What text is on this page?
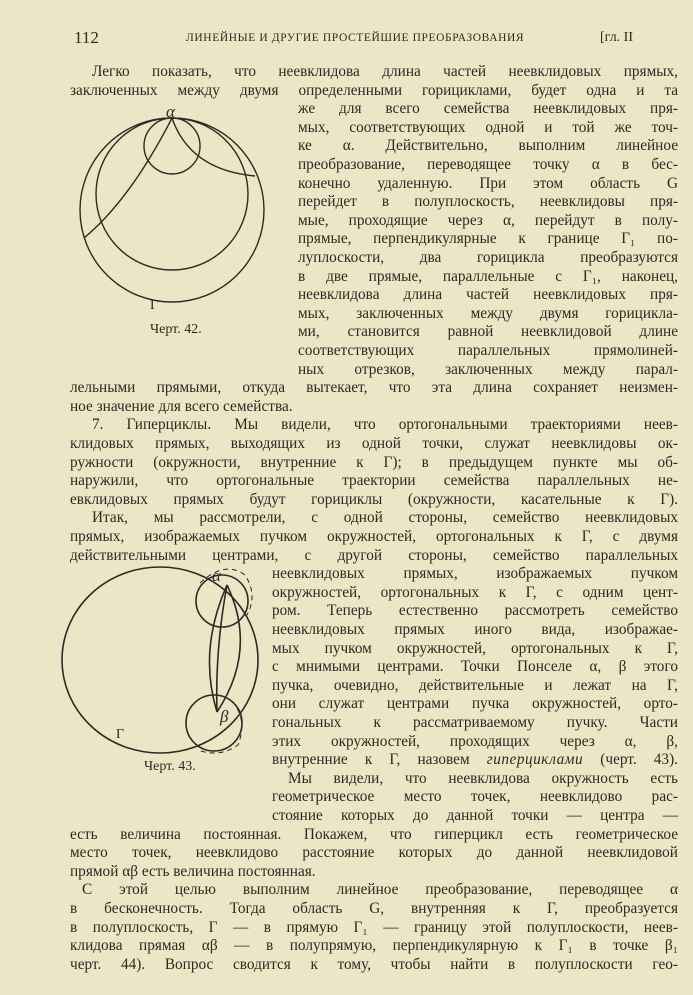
112	ЛИНЕЙНЫЕ И ДРУГИЕ ПРОСТЕЙШИЕ ПРЕОБРАЗОВАНИЯ	[гл. II
α
Г
Черт. 42.
α
β
Г
Черт. 43.
Легко показать, что неевклидова длина частей неевклидовых прямых,
заключенных между двумя определенными горициклами, будет одна и та
же для всего семейства неевклидовых пря-
мых, соответствующих одной и той же точ-
ке α. Действительно, выполним линейное
преобразование, переводящее точку α в бес-
конечно удаленную. При этом область G
перейдет в полуплоскость, неевклидовы пря-
мые, проходящие через α, перейдут в полу-
прямые, перпендикулярные к границе Г₁ по-
луплоскости, два горицикла преобразуются
в две прямые, параллельные с Г₁, наконец,
неевклидова длина частей неевклидовых пря-
мых, заключенных между двумя горицикла-
ми, становится равной неевклидовой длине
соответствующих параллельных прямолиней-
ных отрезков, заключенных между парал-
лельными прямыми, откуда вытекает, что эта длина сохраняет неизмен-
ное значение для всего семейства.
7. Гиперциклы. Мы видели, что ортогональными траекториями неев-
клидовых прямых, выходящих из одной точки, служат неевклидовы ок-
ружности (окружности, внутренние к Г); в предыдущем пункте мы об-
наружили, что ортогональные траектории семейства параллельных не-
евклидовых прямых будут горициклы (окружности, касательные к Г).
Итак, мы рассмотрели, с одной стороны, семейство неевклидовых
прямых, изображаемых пучком окружностей, ортогональных к Г, с двумя
действительными центрами, с другой стороны, семейство параллельных
неевклидовых прямых, изображаемых пучком
окружностей, ортогональных к Г, с одним цент-
ром. Теперь естественно рассмотреть семейство
неевклидовых прямых иного вида, изображае-
мых пучком окружностей, ортогональных к Г,
с мнимыми центрами. Точки Понселе α, β этого
пучка, очевидно, действительные и лежат на Г,
они служат центрами пучка окружностей, орто-
гональных к рассматриваемому пучку. Части
этих окружностей, проходящих через α, β,
внутренние к Г, назовем гиперциклами (черт. 43).
Мы видели, что неевклидова окружность есть
геометрическое место точек, неевклидово рас-
стояние которых до данной точки — центра —
есть величина постоянная. Покажем, что гиперцикл есть геометрическое
место точек, неевклидово расстояние которых до данной неевклидовой
прямой αβ есть величина постоянная.
С этой целью выполним линейное преобразование, переводящее α
в бесконечность. Тогда область G, внутренняя к Г, преобразуется
в полуплоскость, Г — в прямую Г₁ — границу этой полуплоскости, неев-
клидова прямая αβ — в полупрямую, перпендикулярную к Г₁ в точке β₁
черт. 44). Вопрос сводится к тому, чтобы найти в полуплоскости гео-
